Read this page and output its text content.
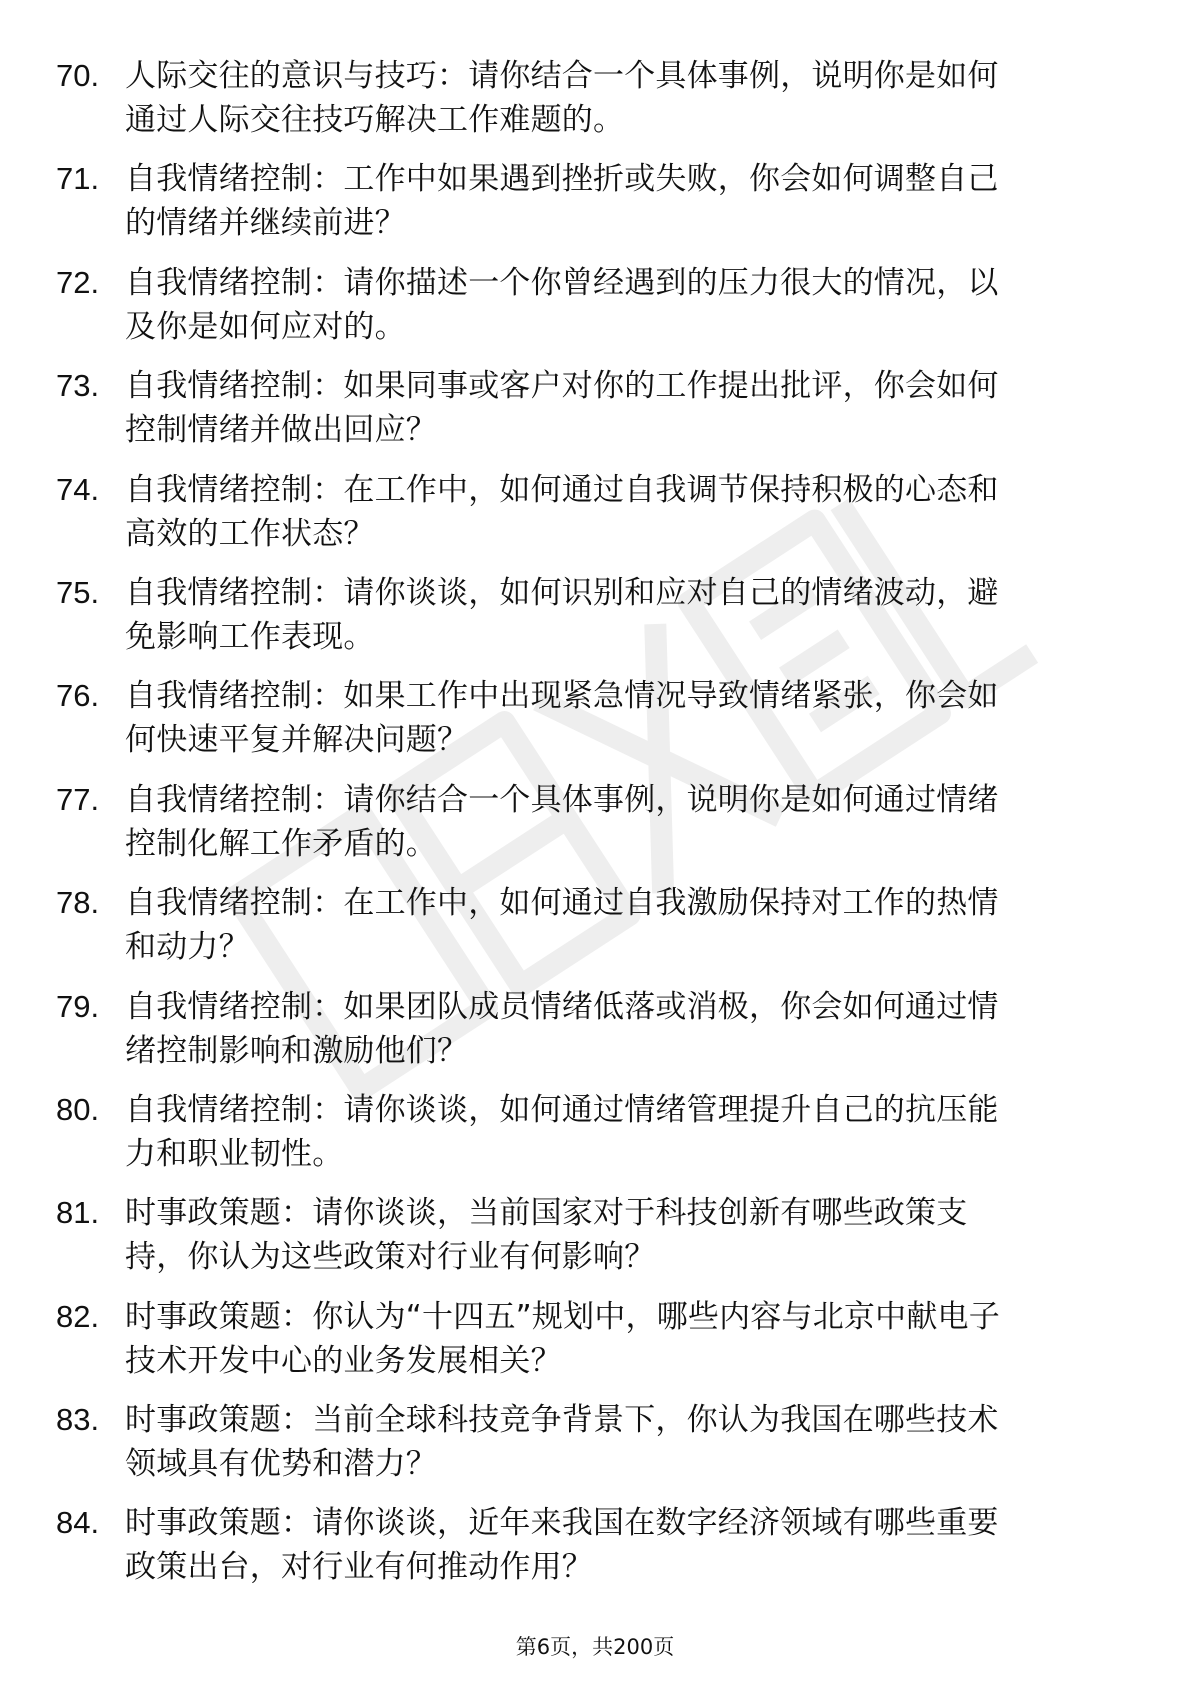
70. 人际交往的意识与技巧：请你结合一个具体事例，说明你是如何
通过人际交往技巧解决工作难题的。
71. 自我情绪控制：工作中如果遇到挫折或失败，你会如何调整自己
的情绪并继续前进？
72. 自我情绪控制：请你描述一个你曾经遇到的压力很大的情况，以
及你是如何应对的。
73. 自我情绪控制：如果同事或客户对你的工作提出批评，你会如何
控制情绪并做出回应？
74. 自我情绪控制：在工作中，如何通过自我调节保持积极的心态和
高效的工作状态？
75. 自我情绪控制：请你谈谈，如何识别和应对自己的情绪波动，避
免影响工作表现。
76. 自我情绪控制：如果工作中出现紧急情况导致情绪紧张，你会如
何快速平复并解决问题？
77. 自我情绪控制：请你结合一个具体事例，说明你是如何通过情绪
控制化解工作矛盾的。
78. 自我情绪控制：在工作中，如何通过自我激励保持对工作的热情
和动力？
79. 自我情绪控制：如果团队成员情绪低落或消极，你会如何通过情
绪控制影响和激励他们？
80. 自我情绪控制：请你谈谈，如何通过情绪管理提升自己的抗压能
力和职业韧性。
81. 时事政策题：请你谈谈，当前国家对于科技创新有哪些政策支
持，你认为这些政策对行业有何影响？
82. 时事政策题：你认为“十四五”规划中，哪些内容与北京中献电子
技术开发中心的业务发展相关？
83. 时事政策题：当前全球科技竞争背景下，你认为我国在哪些技术
领域具有优势和潜力？
84. 时事政策题：请你谈谈，近年来我国在数字经济领域有哪些重要
政策出台，对行业有何推动作用？
第6页，共200页
